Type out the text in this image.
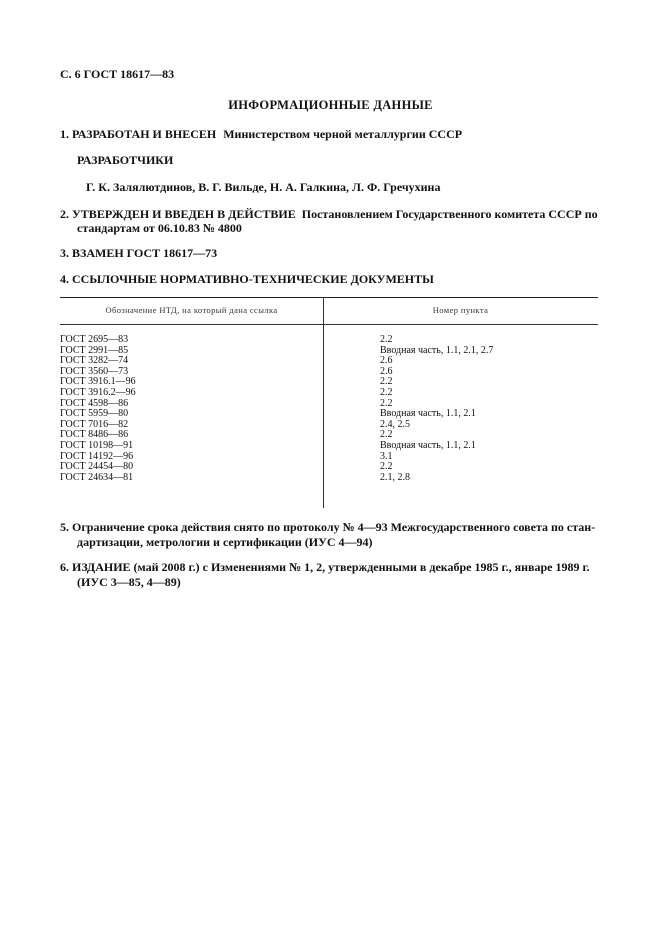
С. 6 ГОСТ 18617—83
ИНФОРМАЦИОННЫЕ ДАННЫЕ
1. РАЗРАБОТАН И ВНЕСЕН Министерством черной металлургии СССР
РАЗРАБОТЧИКИ
Г. К. Залялютдинов, В. Г. Вильде, Н. А. Галкина, Л. Ф. Гречухина
2. УТВЕРЖДЕН И ВВЕДЕН В ДЕЙСТВИЕ Постановлением Государственного комитета СССР по
стандартам от 06.10.83 № 4800
3. ВЗАМЕН ГОСТ 18617—73
4. ССЫЛОЧНЫЕ НОРМАТИВНО-ТЕХНИЧЕСКИЕ ДОКУМЕНТЫ
Обозначение НТД, на который дана ссылка	Номер пункта
ГОСТ 2695—83	2.2
ГОСТ 2991—85	Вводная часть, 1.1, 2.1, 2.7
ГОСТ 3282—74	2.6
ГОСТ 3560—73	2.6
ГОСТ 3916.1—96	2.2
ГОСТ 3916.2—96	2.2
ГОСТ 4598—86	2.2
ГОСТ 5959—80	Вводная часть, 1.1, 2.1
ГОСТ 7016—82	2.4, 2.5
ГОСТ 8486—86	2.2
ГОСТ 10198—91	Вводная часть, 1.1, 2.1
ГОСТ 14192—96	3.1
ГОСТ 24454—80	2.2
ГОСТ 24634—81	2.1, 2.8
5. Ограничение срока действия снято по протоколу № 4—93 Межгосударственного совета по стан-
дартизации, метрологии и сертификации (ИУС 4—94)
6. ИЗДАНИЕ (май 2008 г.) с Изменениями № 1, 2, утвержденными в декабре 1985 г., январе 1989 г.
(ИУС 3—85, 4—89)
